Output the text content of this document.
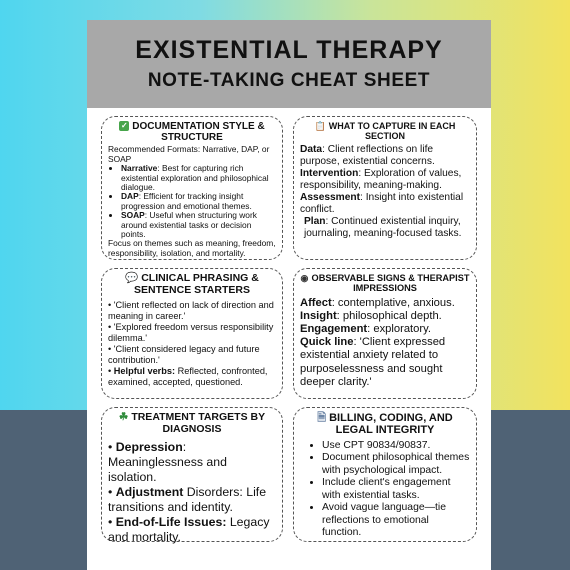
EXISTENTIAL THERAPY
NOTE-TAKING CHEAT SHEET
✓ DOCUMENTATION STYLE & STRUCTURE

Recommended Formats: Narrative, DAP, or SOAP

• Narrative: Best for capturing rich existential exploration and philosophical dialogue.
• DAP: Efficient for tracking insight progression and emotional themes.
• SOAP: Useful when structuring work around existential tasks or decision points.

Focus on themes such as meaning, freedom, responsibility, isolation, and mortality.

📋 WHAT TO CAPTURE IN EACH SECTION

Data: Client reflections on life purpose, existential concerns.

Intervention: Exploration of values, responsibility, meaning-making.

Assessment: Insight into existential conflict.

Plan: Continued existential inquiry, journaling, meaning-focused tasks.

💬 CLINICAL PHRASING & SENTENCE STARTERS

• 'Client reflected on lack of direction and meaning in career.'

• 'Explored freedom versus responsibility dilemma.'

• 'Client considered legacy and future contribution.'

• Helpful verbs: Reflected, confronted, examined, accepted, questioned.

◉ OBSERVABLE SIGNS & THERAPIST IMPRESSIONS

Affect: contemplative, anxious.

Insight: philosophical depth.

Engagement: exploratory.

Quick line: 'Client expressed existential anxiety related to purposelessness and sought deeper clarity.'

☘ TREATMENT TARGETS BY DIAGNOSIS

• Depression: Meaninglessness and isolation.

• Adjustment Disorders: Life transitions and identity.

• End-of-Life Issues: Legacy and mortality.

🗎 BILLING, CODING, AND LEGAL INTEGRITY
• Use CPT 90834/90837.
• Document philosophical themes with psychological impact.
• Include client's engagement with existential tasks.
• Avoid vague language—tie reflections to emotional function.
